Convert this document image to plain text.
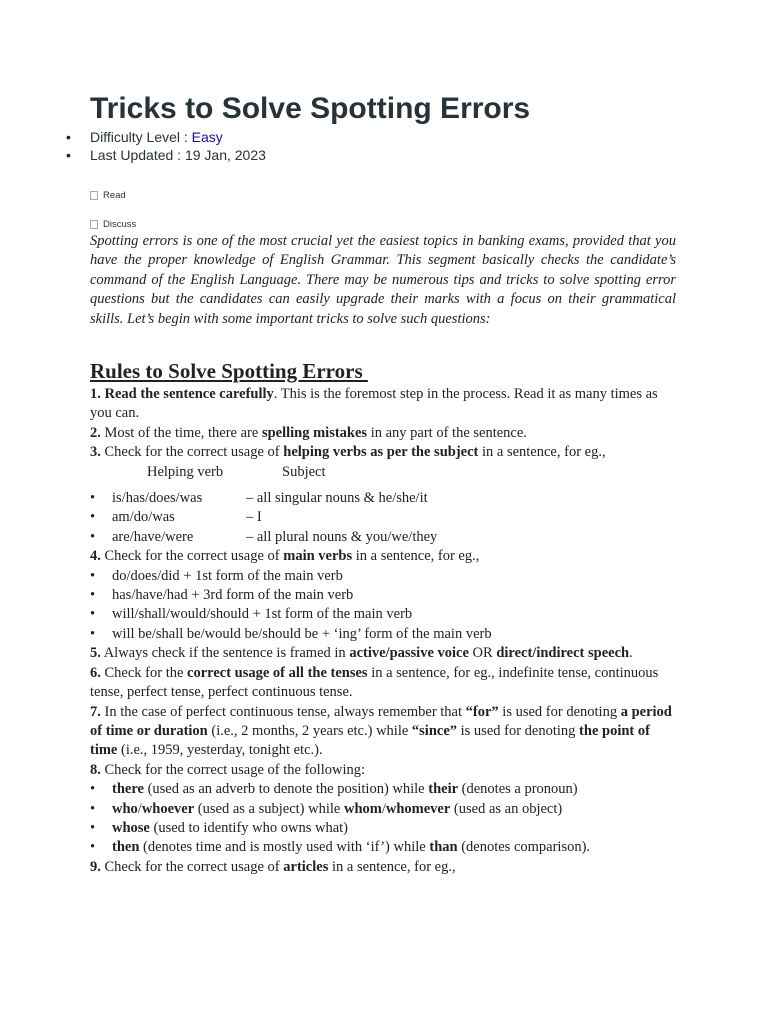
Tricks to Solve Spotting Errors
• Difficulty Level : Easy
• Last Updated : 19 Jan, 2023
Read
Discuss

Spotting errors is one of the most crucial yet the easiest topics in banking exams, provided that you have the proper knowledge of English Grammar. This segment basically checks the candidate’s command of the English Language. There may be numerous tips and tricks to solve spotting error questions but the candidates can easily upgrade their marks with a focus on their grammatical skills. Let’s begin with some important tricks to solve such questions:

Rules to Solve Spotting Errors

1. Read the sentence carefully. This is the foremost step in the process. Read it as many times as you can.

2. Most of the time, there are spelling mistakes in any part of the sentence.

3. Check for the correct usage of helping verbs as per the subject in a sentence, for eg.,

Helping verb	Subject
• is/has/does/was	– all singular nouns & he/she/it
• am/do/was	– I
• are/have/were	– all plural nouns & you/we/they

4. Check for the correct usage of main verbs in a sentence, for eg.,

• do/does/did + 1st form of the main verb
• has/have/had + 3rd form of the main verb
• will/shall/would/should + 1st form of the main verb
• will be/shall be/would be/should be + ‘ing’ form of the main verb

5. Always check if the sentence is framed in active/passive voice OR direct/indirect speech.

6. Check for the correct usage of all the tenses in a sentence, for eg., indefinite tense, continuous tense, perfect tense, perfect continuous tense.

7. In the case of perfect continuous tense, always remember that “for” is used for denoting a period of time or duration (i.e., 2 months, 2 years etc.) while “since” is used for denoting the point of time (i.e., 1959, yesterday, tonight etc.).

8. Check for the correct usage of the following:

• there (used as an adverb to denote the position) while their (denotes a pronoun)
• who/whoever (used as a subject) while whom/whomever (used as an object)
• whose (used to identify who owns what)
• then (denotes time and is mostly used with ‘if’) while than (denotes comparison).

9. Check for the correct usage of articles in a sentence, for eg.,
